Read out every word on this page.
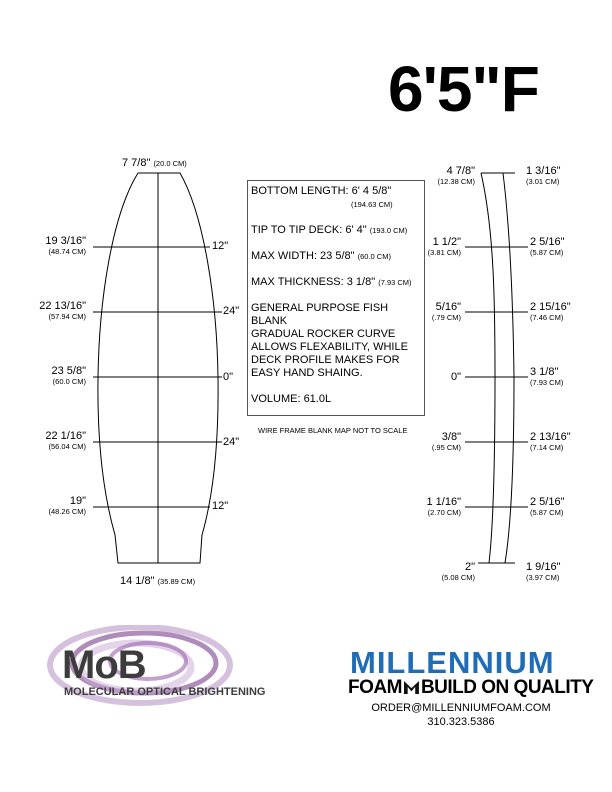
6'5"F
7 7/8" (20.0 CM)
14 1/8" (35.89 CM)
19 3/16"
(48.74 CM)
22 13/16"
(57.94 CM)
23 5/8"
(60.0 CM)
22 1/16"
(56.04 CM)
19"
(48.26 CM)
12"
24"
0"
24"
12"
BOTTOM LENGTH: 6' 4 5/8"
(194.63 CM)
TIP TO TIP DECK: 6' 4" (193.0 CM)
MAX WIDTH: 23 5/8" (60.0 CM)
MAX THICKNESS: 3 1/8" (7.93 CM)
GENERAL PURPOSE FISH BLANK
GRADUAL ROCKER CURVE
ALLOWS FLEXABILITY, WHILE
DECK PROFILE MAKES FOR
EASY HAND SHAING.
VOLUME: 61.0L
WIRE FRAME BLANK MAP NOT TO SCALE
4 7/8"
(12.38 CM)
1 1/2"
(3.81 CM)
5/16"
(.79 CM)
0"
3/8"
(.95 CM)
1 1/16"
(2.70 CM)
2"
(5.08 CM)
1 3/16"
(3.01 CM)
2 5/16"
(5.87 CM)
2 15/16"
(7.46 CM)
3 1/8"
(7.93 CM)
2 13/16"
(7.14 CM)
2 5/16"
(5.87 CM)
1 9/16"
(3.97 CM)
MoB
MOLECULAR OPTICAL BRIGHTENING
MILLENNIUM
FOAM BUILD ON QUALITY
ORDER@MILLENNIUMFOAM.COM
310.323.5386
